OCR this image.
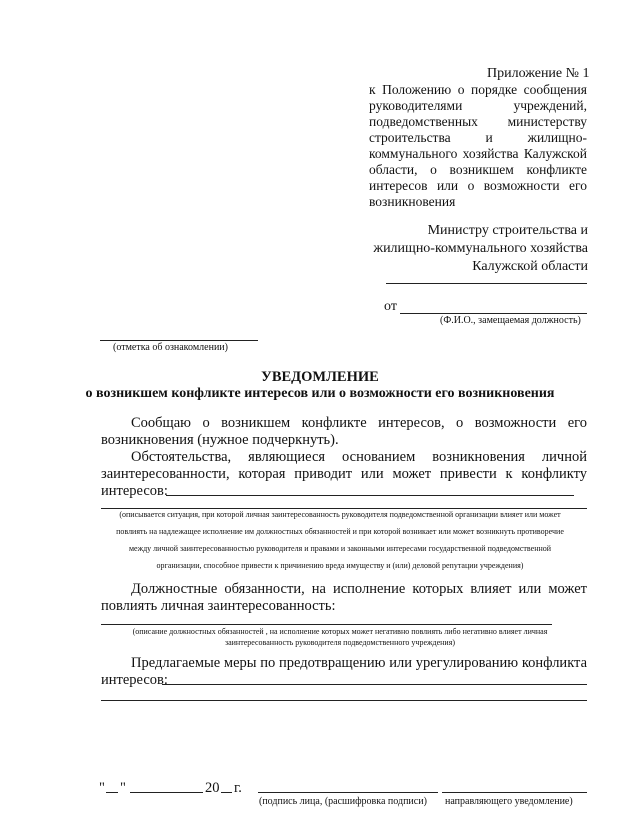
Приложение № 1
к Положению о порядке сообщения
руководителями учреждений,
подведомственных министерству
строительства и жилищно-
коммунального хозяйства Калужской
области, о возникшем конфликте
интересов или о возможности его
возникновения
Министру строительства и
жилищно-коммунального хозяйства
Калужской области
от
(Ф.И.О., замещаемая должность)
(отметка об ознакомлении)
УВЕДОМЛЕНИЕ
о возникшем конфликте интересов или о возможности его возникновения
Сообщаю о возникшем конфликте интересов, о возможности его
возникновения (нужное подчеркнуть).
Обстоятельства, являющиеся основанием возникновения личной
заинтересованности, которая приводит или может привести к конфликту
интересов:
(описывается ситуация, при которой личная заинтересованность руководителя подведомственной организации влияет или может
повлиять на надлежащее исполнение им должностных обязанностей и при которой возникает или может возникнуть противоречие
между личной заинтересованностью руководителя и правами и законными интересами государственной подведомственной
организации, способное привести к причинению вреда имуществу и (или) деловой репутации учреждения)
Должностные обязанности, на исполнение которых влияет или может
повлиять личная заинтересованность:
(описание должностных обязанностей , на исполнение которых может негативно повлиять либо негативно влияет личная
заинтересованность руководителя подведомственного учреждения)
Предлагаемые меры по предотвращению или урегулированию конфликта
интересов:
" "	20 г.
(подпись лица, (расшифровка подписи) направляющего уведомление)
